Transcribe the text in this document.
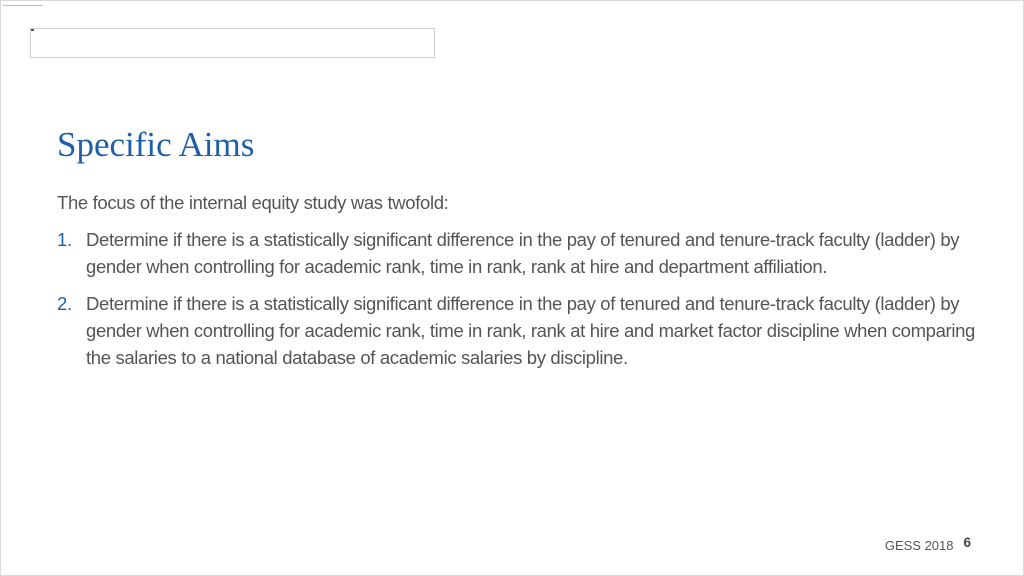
Specific Aims

The focus of the internal equity study was twofold:

1. Determine if there is a statistically significant difference in the pay of tenured and tenure-track faculty (ladder) by gender when controlling for academic rank, time in rank, rank at hire and department affiliation.
2. Determine if there is a statistically significant difference in the pay of tenured and tenure-track faculty (ladder) by gender when controlling for academic rank, time in rank, rank at hire and market factor discipline when comparing the salaries to a national database of academic salaries by discipline.
GESS 2018 6
